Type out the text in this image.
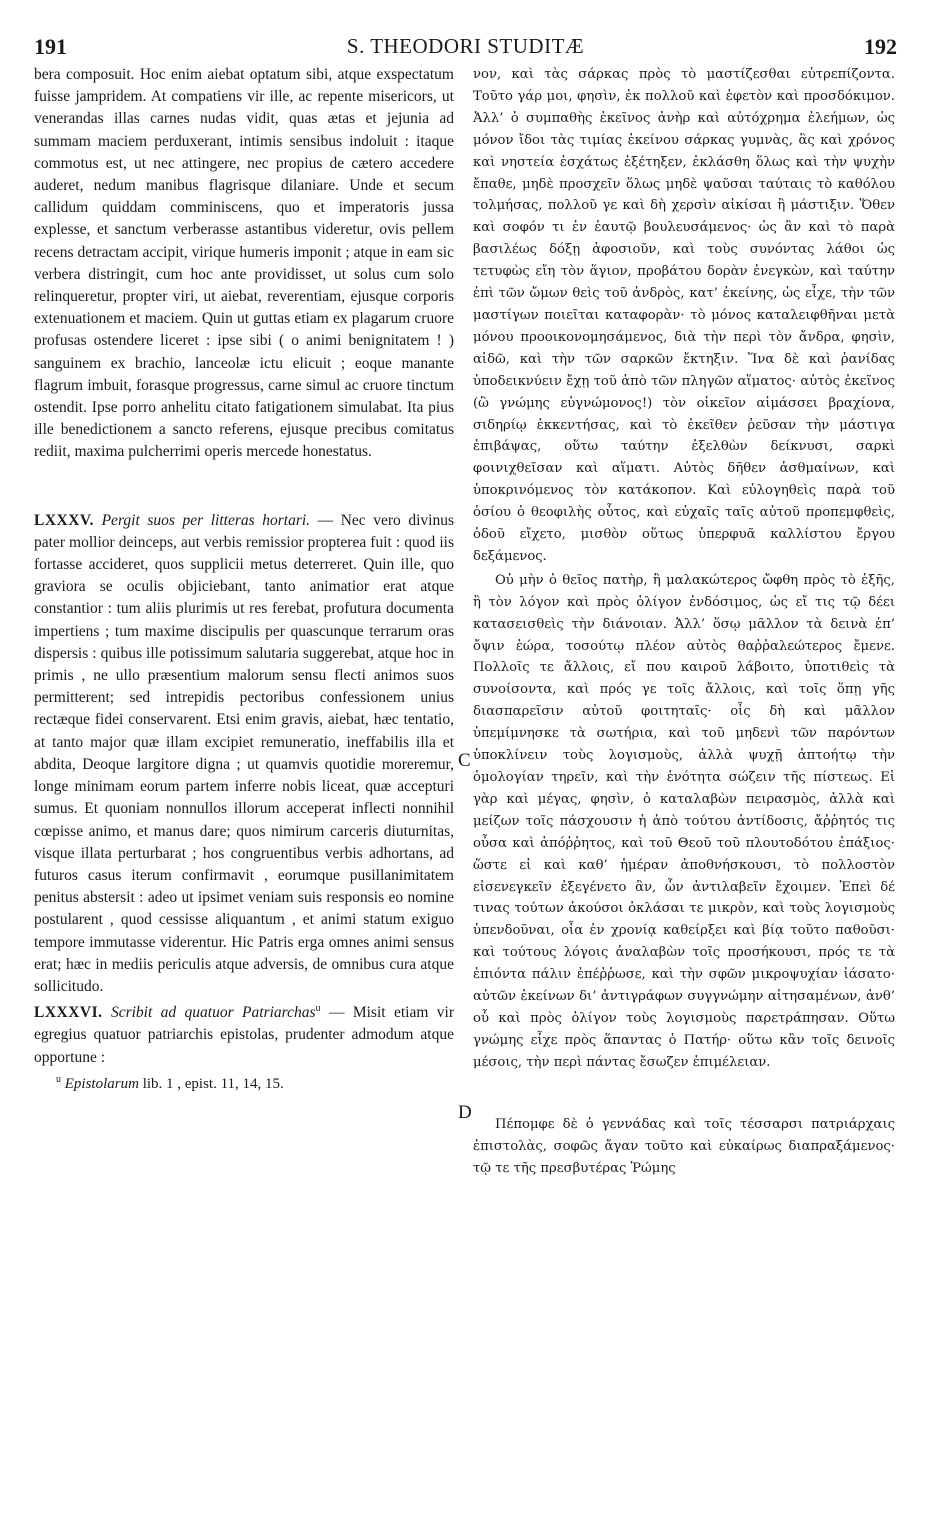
191	S. THEODORI STUDITÆ	192

bera composuit. Hoc enim aiebat optatum sibi, atque exspectatum fuisse jampridem. At compatiens vir ille, ac repente misericors, ut venerandas illas carnes nudas vidit, quas ætas et jejunia ad summam maciem perduxerant, intimis sensibus indoluit : itaque commotus est, ut nec attingere, nec propius de cætero accedere auderet, nedum manibus flagrisque dilaniare. Unde et secum callidum quiddam comminiscens, quo et imperatoris jussa explesse, et sanctum verberasse astantibus videretur, ovis pellem recens detractam accipit, virique humeris imponit ; atque in eam sic verbera distringit, cum hoc ante providisset, ut solus cum solo relinqueretur, propter viri, ut aiebat, reverentiam, ejusque corporis extenuationem et maciem. Quin ut guttas etiam ex plagarum cruore profusas ostendere liceret : ipse sibi ( o animi benignitatem ! ) sanguinem ex brachio, lanceolæ ictu elicuit ; eoque manante flagrum imbuit, forasque progressus, carne simul ac cruore tinctum ostendit. Ipse porro anhelitu citato fatigationem simulabat. Ita pius ille benedictionem a sancto referens, ejusque precibus comitatus rediit, maxima pulcherrimi operis mercede honestatus.

LXXXV. Pergit suos per litteras hortari. — Nec vero divinus pater mollior deinceps, aut verbis remissior propterea fuit : quod iis fortasse accideret, quos supplicii metus deterreret. Quin ille, quo graviora se oculis objiciebant, tanto animatior erat atque constantior : tum aliis plurimis ut res ferebat, profutura documenta impertiens ; tum maxime discipulis per quascunque terrarum oras dispersis : quibus ille potissimum salutaria suggerebat, atque hoc in primis , ne ullo præsentium malorum sensu flecti animos suos permitterent; sed intrepidis pectoribus confessionem unius rectæque fidei conservarent. Etsi enim gravis, aiebat, hæc tentatio, at tanto major quæ illam excipiet remuneratio, ineffabilis illa et abdita, Deoque largitore digna ; ut quamvis quotidie moreremur, longe minimam eorum partem inferre nobis liceat, quæ accepturi sumus. Et quoniam nonnullos illorum acceperat inflecti nonnihil cœpisse animo, et manus dare; quos nimirum carceris diuturnitas, visque illata perturbarat ; hos congruentibus verbis adhortans, ad futuros casus iterum confirmavit , eorumque pusillanimitatem penitus abstersit : adeo ut ipsimet veniam suis responsis eo nomine postularent , quod cessisse aliquantum , et animi statum exiguo tempore immutasse viderentur. Hic Patris erga omnes animi sensus erat; hæc in mediis periculis atque adversis, de omnibus cura atque sollicitudo.

LXXXVI. Scribit ad quatuor Patriarchas$^u$ — Misit etiam vir egregius quatuor patriarchis epistolas, prudenter admodum atque opportune :

$^u$ Epistolarum lib. 1 , epist. 11, 14, 15.

C
D

νον, καὶ τὰς σάρκας πρὸς τὸ μαστίζεσθαι εὐτρεπίζοντα. Τοῦτο γάρ μοι, φησὶν, ἐκ πολλοῦ καὶ ἐφετὸν καὶ προσδόκιμον. Ἀλλ’ ὁ συμπαθὴς ἐκεῖνος ἀνὴρ καὶ αὐτόχρημα ἐλεήμων, ὡς μόνον ἴδοι τὰς τιμίας ἐκείνου σάρκας γυμνὰς, ἃς καὶ χρόνος καὶ νηστεία ἐσχάτως ἐξέτηξεν, ἐκλάσθη ὅλως καὶ τὴν ψυχὴν ἔπαθε, μηδὲ προσχεῖν ὅλως μηδὲ ψαῦσαι ταύταις τὸ καθόλου τολμήσας, πολλοῦ γε καὶ δὴ χερσὶν αἰκίσαι ἢ μάστιξιν. Ὅθεν καὶ σοφόν τι ἐν ἑαυτῷ βουλευσάμενος· ὡς ἂν καὶ τὸ παρὰ βασιλέως δόξῃ ἀφοσιοῦν, καὶ τοὺς συνόντας λάθοι ὡς τετυφὼς εἴη τὸν ἅγιον, προβάτου δορὰν ἐνεγκὼν, καὶ ταύτην ἐπὶ τῶν ὤμων θεὶς τοῦ ἀνδρὸς, κατ’ ἐκείνης, ὡς εἶχε, τὴν τῶν μαστίγων ποιεῖται καταφορὰν· τὸ μόνος καταλειφθῆναι μετὰ μόνου προοικονομησάμενος, διὰ τὴν περὶ τὸν ἄνδρα, φησὶν, αἰδῶ, καὶ τὴν τῶν σαρκῶν ἔκτηξιν. Ἵνα δὲ καὶ ῥανίδας ὑποδεικνύειν ἔχῃ τοῦ ἀπὸ τῶν πληγῶν αἵματος· αὐτὸς ἐκεῖνος (ὢ γνώμης εὐγνώμονος!) τὸν οἰκεῖον αἱμάσσει βραχίονα, σιδηρίῳ ἐκκεντήσας, καὶ τὸ ἐκεῖθεν ῥεῦσαν τὴν μάστιγα ἐπιβάψας, οὕτω ταύτην ἐξελθὼν δείκνυσι, σαρκὶ φοινιχθεῖσαν καὶ αἵματι. Αὐτὸς δῆθεν ἀσθμαίνων, καὶ ὑποκρινόμενος τὸν κατάκοπον. Καὶ εὐλογηθεὶς παρὰ τοῦ ὁσίου ὁ θεοφιλὴς οὗτος, καὶ εὐχαῖς ταῖς αὐτοῦ προπεμφθεὶς, ὁδοῦ εἴχετο, μισθὸν οὕτως ὑπερφυᾶ καλλίστου ἔργου δεξάμενος.

Οὐ μὴν ὁ θεῖος πατὴρ, ἢ μαλακώτερος ὤφθη πρὸς τὸ ἑξῆς, ἢ τὸν λόγον καὶ πρὸς ὀλίγον ἐνδόσιμος, ὡς εἴ τις τῷ δέει κατασεισθεὶς τὴν διάνοιαν. Ἀλλ’ ὅσῳ μᾶλλον τὰ δεινὰ ἐπ’ ὄψιν ἑώρα, τοσούτῳ πλέον αὐτὸς θαῤῥαλεώτερος ἔμενε. Πολλοῖς τε ἄλλοις, εἴ που καιροῦ λάβοιτο, ὑποτιθεὶς τὰ συνοίσοντα, καὶ πρός γε τοῖς ἄλλοις, καὶ τοῖς ὅπῃ γῆς διασπαρεῖσιν αὐτοῦ φοιτηταῖς· οἷς δὴ καὶ μᾶλλον ὑπεμίμνησκε τὰ σωτήρια, καὶ τοῦ μηδενὶ τῶν παρόντων ὑποκλίνειν τοὺς λογισμοὺς, ἀλλὰ ψυχῇ ἀπτοήτῳ τὴν ὁμολογίαν τηρεῖν, καὶ τὴν ἑνότητα σώζειν τῆς πίστεως. Εἰ γὰρ καὶ μέγας, φησὶν, ὁ καταλαβὼν πειρασμὸς, ἀλλὰ καὶ μείζων τοῖς πάσχουσιν ἡ ἀπὸ τούτου ἀντίδοσις, ἄῤῥητός τις οὖσα καὶ ἀπόῤῥητος, καὶ τοῦ Θεοῦ τοῦ πλουτοδότου ἐπάξιος· ὥστε εἰ καὶ καθ’ ἡμέραν ἀποθνήσκουσι, τὸ πολλοστὸν εἰσενεγκεῖν ἐξεγένετο ἂν, ὧν ἀντιλαβεῖν ἔχοιμεν. Ἐπεὶ δέ τινας τούτων ἀκούσοι ὀκλάσαι τε μικρὸν, καὶ τοὺς λογισμοὺς ὑπενδοῦναι, οἷα ἐν χρονίᾳ καθείρξει καὶ βίᾳ τοῦτο παθοῦσι· καὶ τούτους λόγοις ἀναλαβὼν τοῖς προσήκουσι, πρός τε τὰ ἐπιόντα πάλιν ἐπέῤῥωσε, καὶ τὴν σφῶν μικροψυχίαν ἰάσατο· αὐτῶν ἐκείνων δι’ ἀντιγράφων συγγνώμην αἰτησαμένων, ἀνθ’ οὗ καὶ πρὸς ὀλίγον τοὺς λογισμοὺς παρετράπησαν. Οὕτω γνώμης εἶχε πρὸς ἅπαντας ὁ Πατήρ· οὕτω κἂν τοῖς δεινοῖς μέσοις, τὴν περὶ πάντας ἔσωζεν ἐπιμέλειαν.

Πέπομφε δὲ ὁ γεννάδας καὶ τοῖς τέσσαρσι πατριάρχαις ἐπιστολὰς, σοφῶς ἄγαν τοῦτο καὶ εὐκαίρως διαπραξάμενος· τῷ τε τῆς πρεσβυτέρας Ῥώμης
